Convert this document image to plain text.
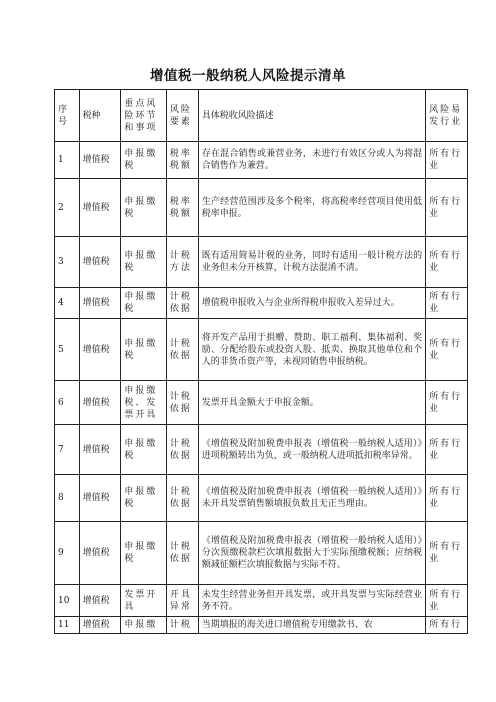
增值税一般纳税人风险提示清单
序号	税种	重点风险环节和事项	风险要素	具体税收风险描述	风险易发行业
1	增值税	申报缴税	税率税额	存在混合销售或兼营业务，未进行有效区分或人为将混合销售作为兼营。	所有行业
2	增值税	申报缴税	税率税额	生产经营范围涉及多个税率，将高税率经营项目使用低税率申报。	所有行业
3	增值税	申报缴税	计税方法	既有适用简易计税的业务，同时有适用一般计税方法的业务但未分开核算，计税方法混淆不清。	所有行业
4	增值税	申报缴税	计税依据	增值税申报收入与企业所得税申报收入差异过大。	所有行业
5	增值税	申报缴税	计税依据	将开发产品用于捐赠、赞助、职工福利、集体福利、奖励、分配给股东或投资人股、抵卖、换取其他单位和个人的非货币资产等，未视同销售申报纳税。	所有行业
6	增值税	申报缴税、发票开具	计税依据	发票开具金额大于申报金额。	所有行业
7	增值税	申报缴税	计税依据	《增值税及附加税费申报表（增值税一般纳税人适用）》进项税额转出为负，或一般纳税人进项抵扣税率异常。	所有行业
8	增值税	申报缴税	计税依据	《增值税及附加税费申报表（增值税一般纳税人适用）》未开具发票销售额填报负数且无正当理由。	所有行业
9	增值税	申报缴税	计税依据	《增值税及附加税费申报表（增值税一般纳税人适用）》分次预缴税款栏次填报数据大于实际预缴税额；应纳税额减征额栏次填报数据与实际不符。	所有行业
10	增值税	发票开具	开具异常	未发生经营业务但开具发票，或开具发票与实际经营业务不符。	所有行业
11	增值税	申报缴	计税	当期填报的海关进口增值税专用缴款书、农	所有行
